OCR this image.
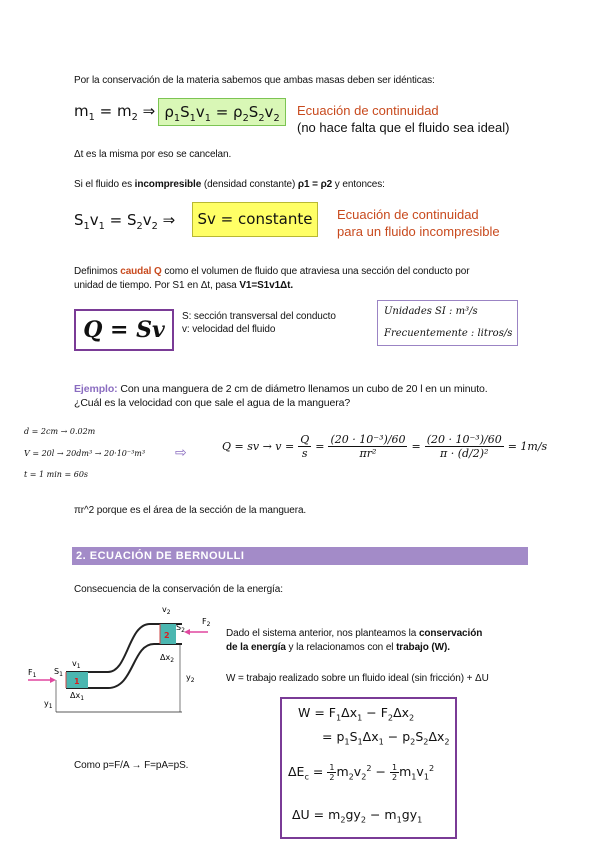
Por la conservación de la materia sabemos que ambas masas deben ser idénticas:
$m_1 = m_2$ ⇒ $\rho_1S_1v_1 = \rho_2S_2v_2$
Ecuación de continuidad
(no hace falta que el fluido sea ideal)
Δt es la misma por eso se cancelan.
Si el fluido es incompresible (densidad constante) ρ1 = ρ2 y entonces:
$S_1v_1 = S_2v_2$ ⇒	Sv = constante	Ecuación de continuidad
para un fluido incompresible
Definimos caudal Q como el volumen de fluido que atraviesa una sección del conducto por
unidad de tiempo. Por S1 en Δt, pasa V1=S1v1Δt.
Q = Sv
S: sección transversal del conducto
v: velocidad del fluido
Unidades SI : m³/s
Frecuentemente : litros/s
Ejemplo: Con una manguera de 2 cm de diámetro llenamos un cubo de 20 l en un minuto.
¿Cuál es la velocidad con que sale el agua de la manguera?
d = 2cm → 0.02m
V = 20l → 20dm³ → 20·10⁻³m³
t = 1 min = 60s
⇨	Q = sv → $v = \frac{Q}{s} = \frac{\text{(20 · 10⁻³)/60}}{\text{πr²}} = \frac{\text{(20 · 10⁻³)/60}}{\text{π · (d/2)²}} = 1m/s$
πr^2 porque es el área de la sección de la manguera.
2. ECUACIÓN DE BERNOULLI
Consecuencia de la conservación de la energía:
$v_2$
$F_2$
$S_2$
2
$\Delta x_2$
$v_1$
$F_1$ $S_1$
1
$\Delta x_1$
$y_1$
$y_2$
Dado el sistema anterior, nos planteamos la conservación
de la energía y la relacionamos con el trabajo (W).
W = trabajo realizado sobre un fluido ideal (sin fricción) + ΔU
$W = F_1\Delta x_1 - F_2\Delta x_2$
= $p_1S_1\Delta x_1 - p_2S_2\Delta x_2$
$\Delta E_c = \frac{1}{2} m_2v_2^2 - \frac{1}{2} m_1v_1^2$
$\Delta U = m_2gy_2 - m_1gy_1$
Como p=F/A → F=pA=pS.
